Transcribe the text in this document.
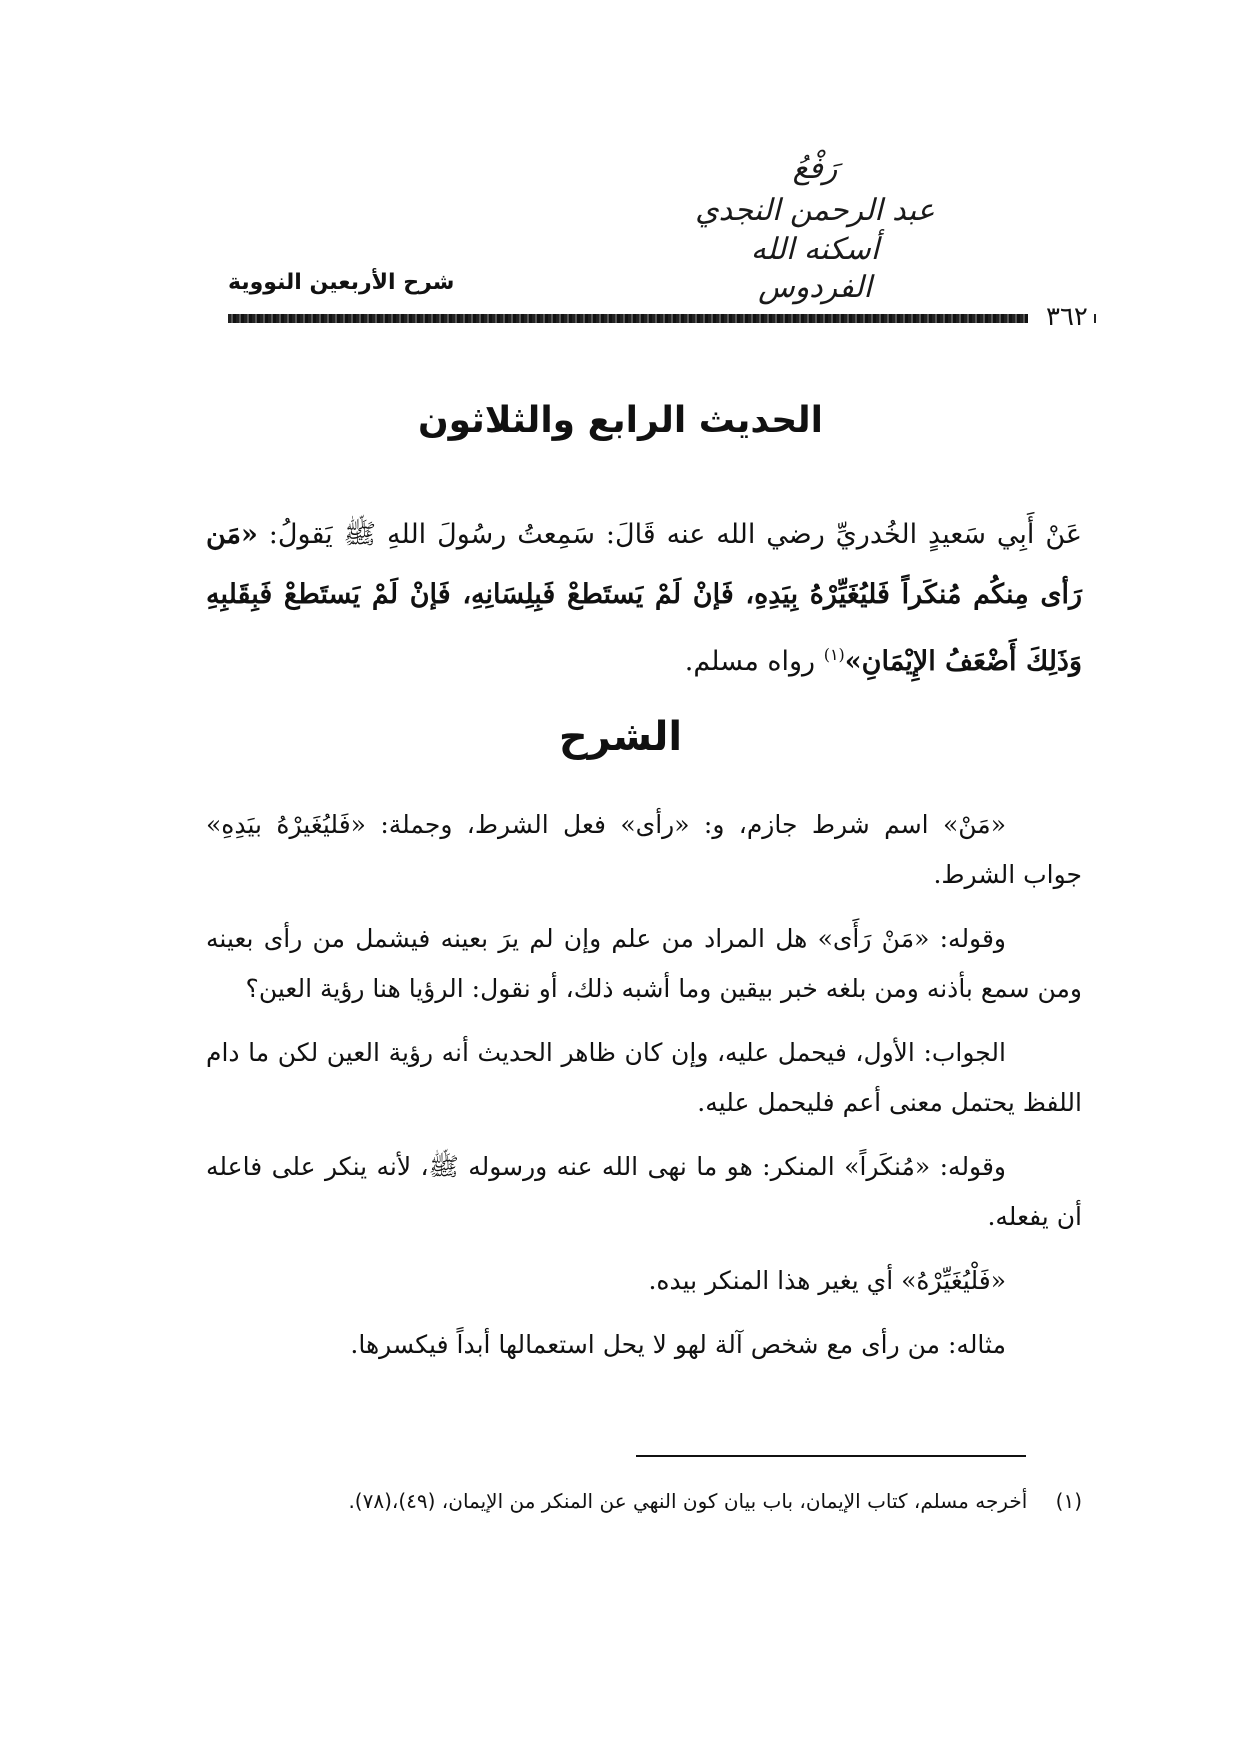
رَفْعُ
عبد الرحمن النجدي
أسكنه الله الفردوس
شرح الأربعين النووية
٣٦٢
الحديث الرابع والثلاثون

عَنْ أَبِي سَعيدٍ الخُدريِّ رضي الله عنه قَالَ: سَمِعتُ رسُولَ اللهِ ﷺ يَقولُ: «مَن رَأى مِنكُم مُنكَراً فَليُغَيِّرْهُ بِيَدِهِ، فَإنْ لَمْ يَستَطعْ فَبِلِسَانِهِ، فَإنْ لَمْ يَستَطعْ فَبِقَلبِهِ وَذَلِكَ أَضْعَفُ الإِيْمَانِ»$^{(١)}$ رواه مسلم.

الشرح

«مَنْ» اسم شرط جازم، و: «رأى» فعل الشرط، وجملة: «فَليُغَيرْهُ بيَدِهِ» جواب الشرط.

وقوله: «مَنْ رَأَى» هل المراد من علم وإن لم يرَ بعينه فيشمل من رأى بعينه ومن سمع بأذنه ومن بلغه خبر بيقين وما أشبه ذلك، أو نقول: الرؤيا هنا رؤية العين؟

الجواب: الأول، فيحمل عليه، وإن كان ظاهر الحديث أنه رؤية العين لكن ما دام اللفظ يحتمل معنى أعم فليحمل عليه.

وقوله: «مُنكَراً» المنكر: هو ما نهى الله عنه ورسوله ﷺ، لأنه ينكر على فاعله أن يفعله.

«فَلْيُغَيِّرْهُ» أي يغير هذا المنكر بيده.

مثاله: من رأى مع شخص آلة لهو لا يحل استعمالها أبداً فيكسرها.

(١) أخرجه مسلم، كتاب الإيمان، باب بيان كون النهي عن المنكر من الإيمان، (٤٩)،(٧٨).
